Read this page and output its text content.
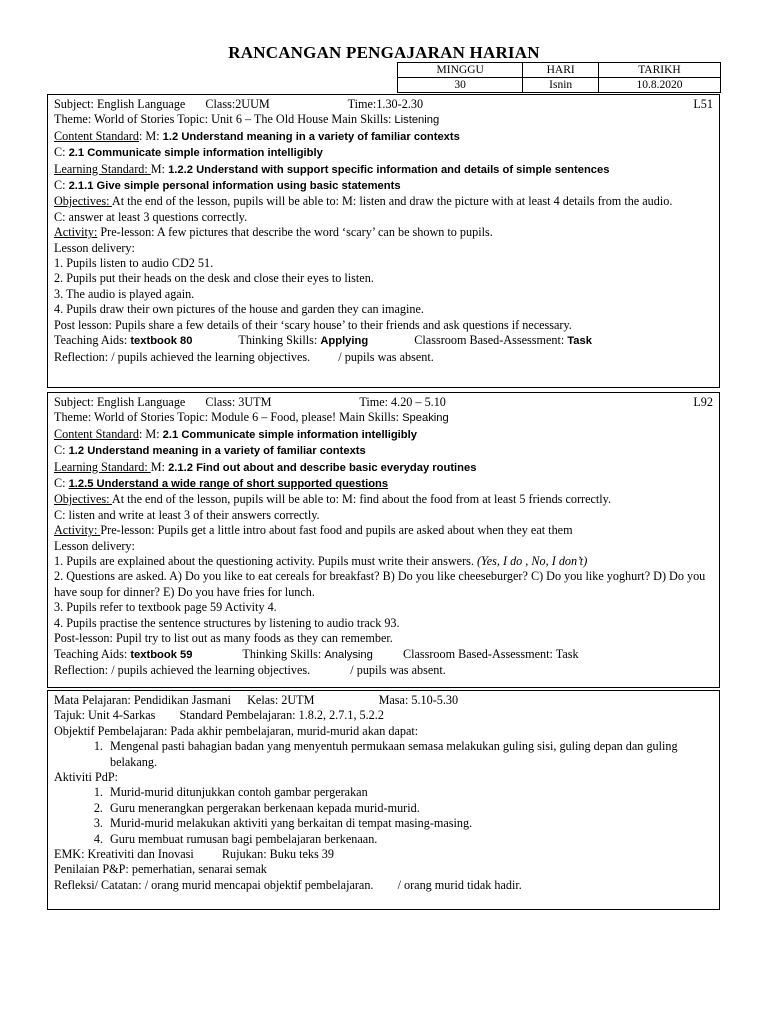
RANCANGAN PENGAJARAN HARIAN
MINGGU	HARI	TARIKH
30	Isnin	10.8.2020
Subject: English Language Class:2UUM	Time:1.30-2.30	L51
Theme: World of Stories Topic: Unit 6 – The Old House Main Skills: Listening
Content Standard: M: 1.2 Understand meaning in a variety of familiar contexts
C: 2.1 Communicate simple information intelligibly
Learning Standard: M: 1.2.2 Understand with support specific information and details of simple sentences
C: 2.1.1 Give simple personal information using basic statements
Objectives: At the end of the lesson, pupils will be able to: M: listen and draw the picture with at least 4 details from the audio.
C: answer at least 3 questions correctly.
Activity: Pre-lesson: A few pictures that describe the word ‘scary’ can be shown to pupils.
Lesson delivery:
1. Pupils listen to audio CD2 51.
2. Pupils put their heads on the desk and close their eyes to listen.
3. The audio is played again.
4. Pupils draw their own pictures of the house and garden they can imagine.
Post lesson: Pupils share a few details of their ‘scary house’ to their friends and ask questions if necessary.
Teaching Aids: textbook 80	Thinking Skills: Applying	Classroom Based-Assessment: Task
Reflection: / pupils achieved the learning objectives. / pupils was absent.
Subject: English Language Class: 3UTM	Time: 4.20 – 5.10	L92
Theme: World of Stories Topic: Module 6 – Food, please! Main Skills: Speaking
Content Standard: M: 2.1 Communicate simple information intelligibly
C: 1.2 Understand meaning in a variety of familiar contexts
Learning Standard: M: 2.1.2 Find out about and describe basic everyday routines
C: 1.2.5 Understand a wide range of short supported questions
Objectives: At the end of the lesson, pupils will be able to: M: find about the food from at least 5 friends correctly.
C: listen and write at least 3 of their answers correctly.
Activity: Pre-lesson: Pupils get a little intro about fast food and pupils are asked about when they eat them
Lesson delivery:
1. Pupils are explained about the questioning activity. Pupils must write their answers. (Yes, I do , No, I don’t)
2. Questions are asked. A) Do you like to eat cereals for breakfast? B) Do you like cheeseburger? C) Do you like yoghurt? D) Do you have soup for dinner? E) Do you have fries for lunch.
3. Pupils refer to textbook page 59 Activity 4.
4. Pupils practise the sentence structures by listening to audio track 93.
Post-lesson: Pupil try to list out as many foods as they can remember.
Teaching Aids: textbook 59	Thinking Skills: Analysing Classroom Based-Assessment: Task
Reflection: / pupils achieved the learning objectives.	/ pupils was absent.
Mata Pelajaran: Pendidikan Jasmani Kelas: 2UTM	Masa: 5.10-5.30
Tajuk: Unit 4-Sarkas Standard Pembelajaran: 1.8.2, 2.7.1, 5.2.2
Objektif Pembelajaran: Pada akhir pembelajaran, murid-murid akan dapat:
1. Mengenal pasti bahagian badan yang menyentuh permukaan semasa melakukan guling sisi, guling depan dan guling belakang.
Aktiviti PdP:
1. Murid-murid ditunjukkan contoh gambar pergerakan
2. Guru menerangkan pergerakan berkenaan kepada murid-murid.
3. Murid-murid melakukan aktiviti yang berkaitan di tempat masing-masing.
4. Guru membuat rumusan bagi pembelajaran berkenaan.
EMK: Kreativiti dan Inovasi Rujukan: Buku teks 39
Penilaian P&P: pemerhatian, senarai semak
Refleksi/ Catatan: / orang murid mencapai objektif pembelajaran. / orang murid tidak hadir.
